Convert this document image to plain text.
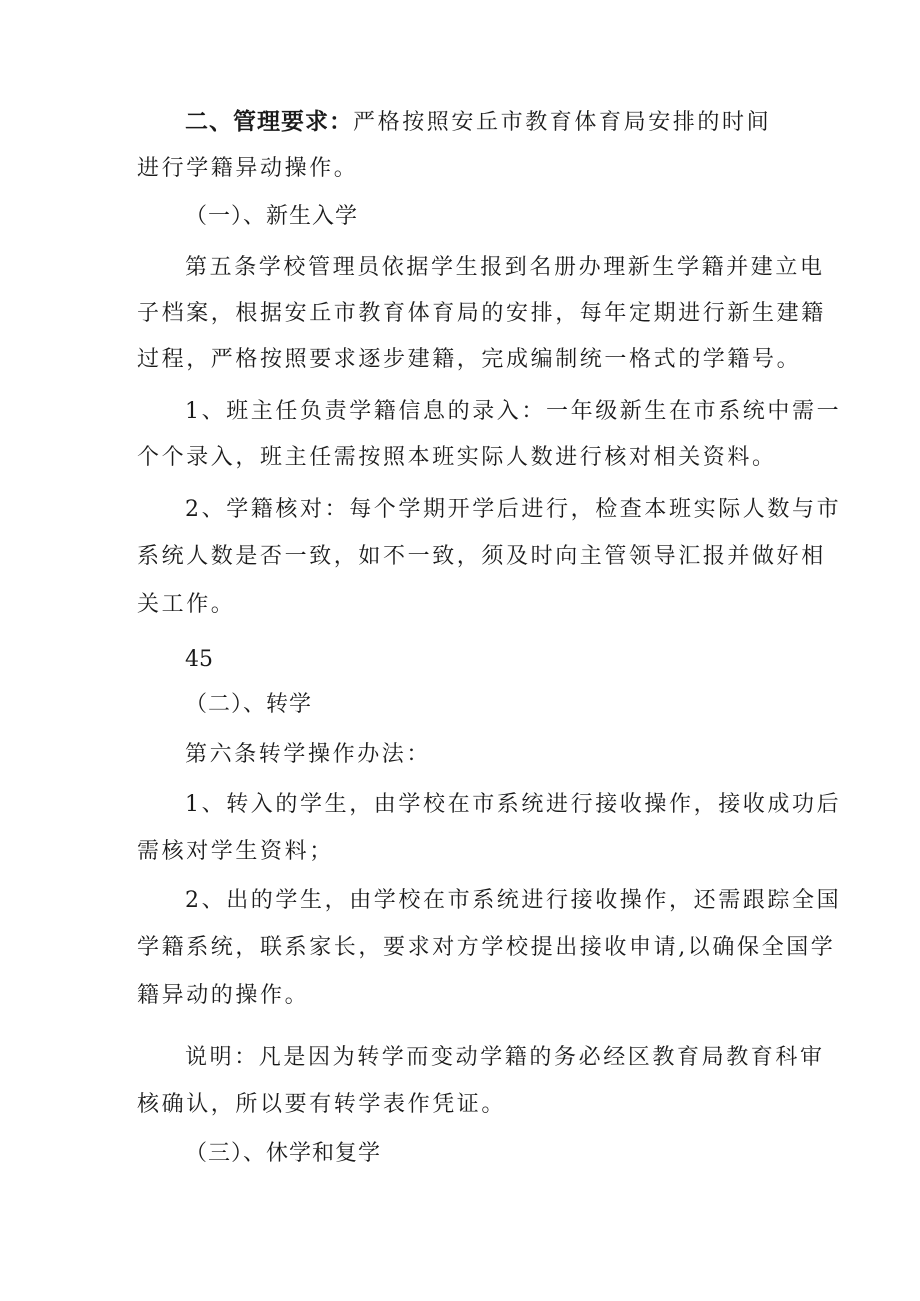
二、管理要求：严格按照安丘市教育体育局安排的时间
进行学籍异动操作。
（一）、新生入学
第五条学校管理员依据学生报到名册办理新生学籍并建立电
子档案，根据安丘市教育体育局的安排，每年定期进行新生建籍
过程，严格按照要求逐步建籍，完成编制统一格式的学籍号。
1、班主任负责学籍信息的录入：一年级新生在市系统中需一
个个录入，班主任需按照本班实际人数进行核对相关资料。
2、学籍核对：每个学期开学后进行，检查本班实际人数与市
系统人数是否一致，如不一致，须及时向主管领导汇报并做好相
关工作。
45
（二）、转学
第六条转学操作办法：
1、转入的学生，由学校在市系统进行接收操作，接收成功后
需核对学生资料；
2、出的学生，由学校在市系统进行接收操作，还需跟踪全国
学籍系统，联系家长，要求对方学校提出接收申请,以确保全国学
籍异动的操作。
说明：凡是因为转学而变动学籍的务必经区教育局教育科审
核确认，所以要有转学表作凭证。
（三）、休学和复学
